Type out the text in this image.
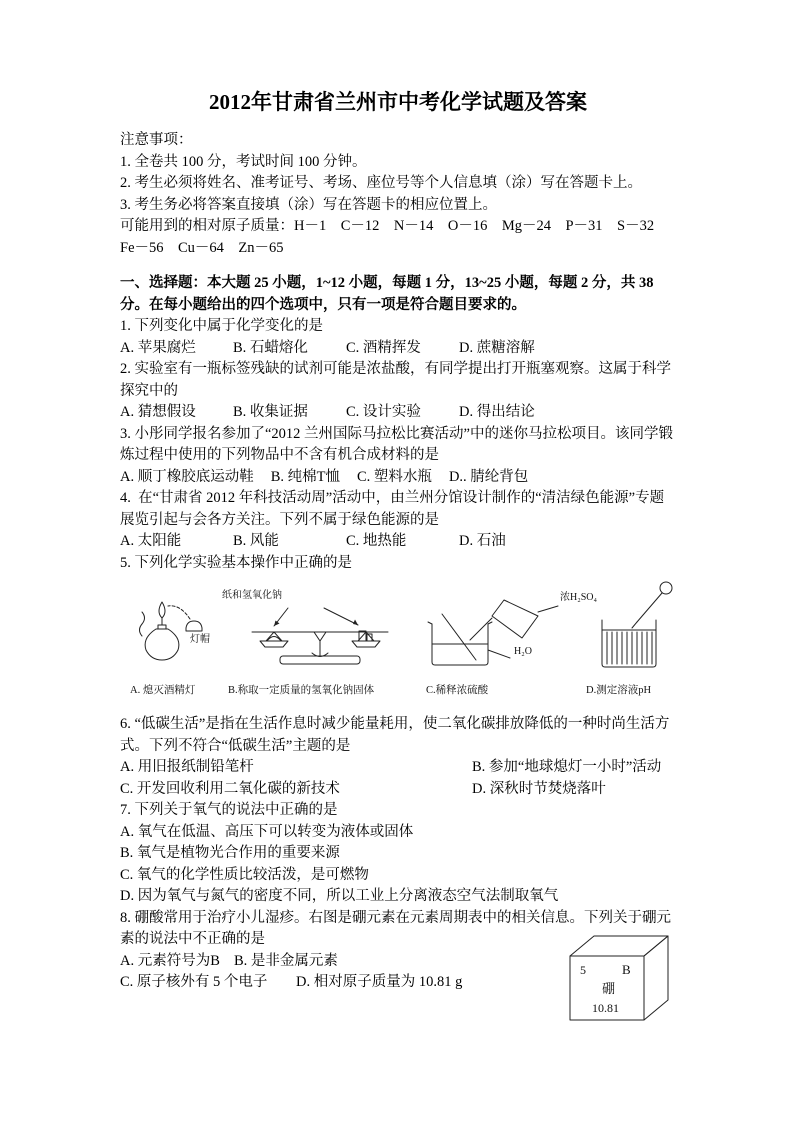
2012年甘肃省兰州市中考化学试题及答案
注意事项：
1. 全卷共 100 分，考试时间 100 分钟。
2. 考生必须将姓名、准考证号、考场、座位号等个人信息填（涂）写在答题卡上。
3. 考生务必将答案直接填（涂）写在答题卡的相应位置上。
可能用到的相对原子质量：H－1    C－12    N－14    O－16    Mg－24    P－31    S－32
Fe－56    Cu－64    Zn－65
一、选择题：本大题 25 小题，1~12 小题，每题 1 分，13~25 小题，每题 2 分，共 38 分。在每小题给出的四个选项中，只有一项是符合题目要求的。
1. 下列变化中属于化学变化的是
A. 苹果腐烂	B. 石蜡熔化	C. 酒精挥发	D. 蔗糖溶解
2. 实验室有一瓶标签残缺的试剂可能是浓盐酸，有同学提出打开瓶塞观察。这属于科学探究中的
A. 猜想假设	B. 收集证据	C. 设计实验	D. 得出结论
3. 小彤同学报名参加了“2012 兰州国际马拉松比赛活动”中的迷你马拉松项目。该同学锻炼过程中使用的下列物品中不含有机合成材料的是
A. 顺丁橡胶底运动鞋 B. 纯棉T恤 C. 塑料水瓶 D.. 腈纶背包
4.  在“甘肃省 2012 年科技活动周”活动中，由兰州分馆设计制作的“清洁绿色能源”专题展览引起与会各方关注。下列不属于绿色能源的是
A. 太阳能	B. 风能	C. 地热能	D. 石油
5. 下列化学实验基本操作中正确的是
灯帽
纸和氢氧化钠	浓H₂SO₄
H₂O
A. 熄灭酒精灯	B.称取一定质量的氢氧化钠固体	C.稀释浓硫酸	D.测定溶液pH
6. “低碳生活”是指在生活作息时减少能量耗用，使二氧化碳排放降低的一种时尚生活方式。下列不符合“低碳生活”主题的是
A. 用旧报纸制铅笔杆	B. 参加“地球熄灯一小时”活动
C. 开发回收利用二氧化碳的新技术	D. 深秋时节焚烧落叶
7. 下列关于氧气的说法中正确的是
A. 氧气在低温、高压下可以转变为液体或固体
B. 氧气是植物光合作用的重要来源
C. 氧气的化学性质比较活泼，是可燃物
D. 因为氧气与氮气的密度不同，所以工业上分离液态空气法制取氧气
8. 硼酸常用于治疗小儿湿疹。右图是硼元素在元素周期表中的相关信息。下列关于硼元素的说法中不正确的是
A. 元素符号为B B. 是非金属元素
C. 原子核外有 5 个电子	D. 相对原子质量为 10.81 g
5	B
硼
10.81
